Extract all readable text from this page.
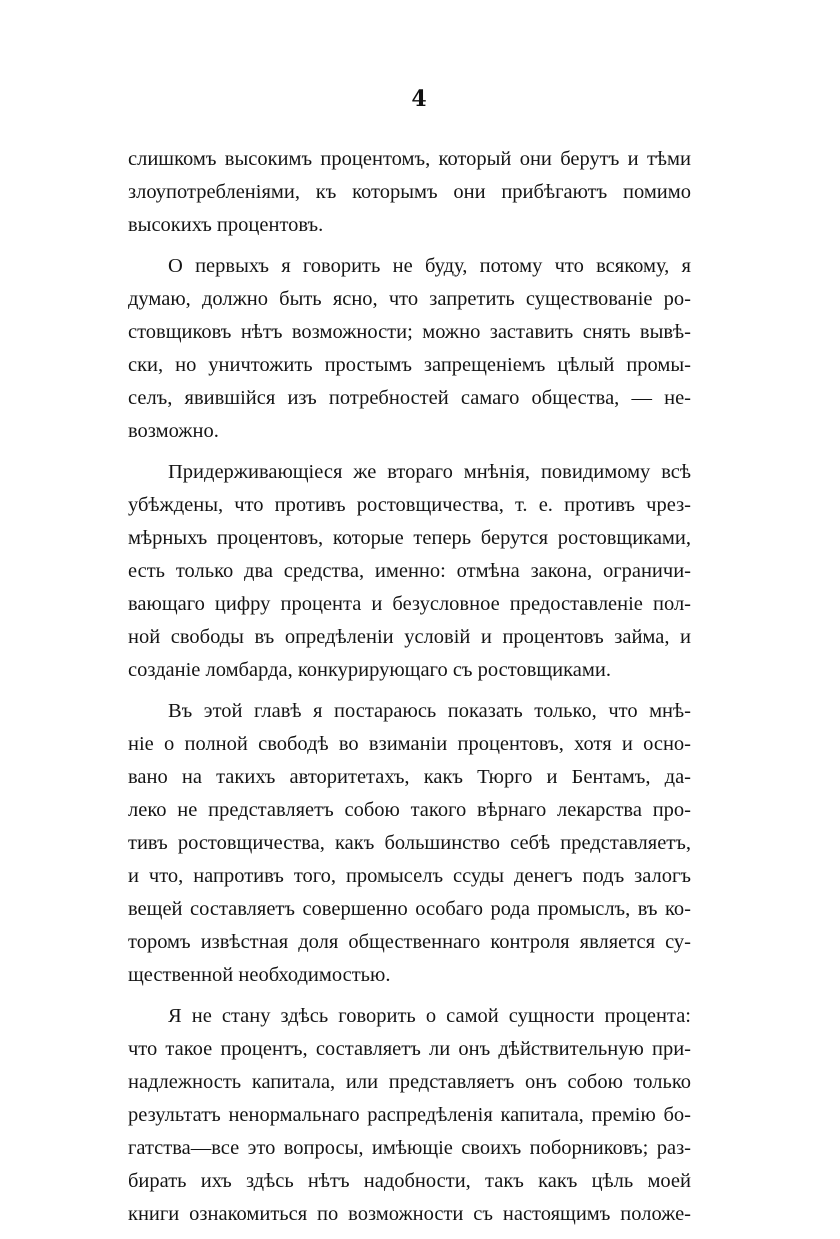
4
слишкомъ высокимъ процентомъ, который они берутъ и тѣми
злоупотребленіями, къ которымъ они прибѣгаютъ помимо
высокихъ процентовъ.
О первыхъ я говорить не буду, потому что всякому, я
думаю, должно быть ясно, что запретить существованіе ро-
стовщиковъ нѣтъ возможности; можно заставить снять вывѣ-
ски, но уничтожить простымъ запрещеніемъ цѣлый промы-
селъ, явившійся изъ потребностей самаго общества, — не-
возможно.
Придерживающіеся же втораго мнѣнія, повидимому всѣ
убѣждены, что противъ ростовщичества, т. е. противъ чрез-
мѣрныхъ процентовъ, которые теперь берутся ростовщиками,
есть только два средства, именно: отмѣна закона, ограничи-
вающаго цифру процента и безусловное предоставленіе пол-
ной свободы въ опредѣленіи условій и процентовъ займа, и
созданіе ломбарда, конкурирующаго съ ростовщиками.
Въ этой главѣ я постараюсь показать только, что мнѣ-
ніе о полной свободѣ во взиманіи процентовъ, хотя и осно-
вано на такихъ авторитетахъ, какъ Тюрго и Бентамъ, да-
леко не представляетъ собою такого вѣрнаго лекарства про-
тивъ ростовщичества, какъ большинство себѣ представляетъ,
и что, напротивъ того, промыселъ ссуды денегъ подъ залогъ
вещей составляетъ совершенно особаго рода промыслъ, въ ко-
торомъ извѣстная доля общественнаго контроля является су-
щественной необходимостью.
Я не стану здѣсь говорить о самой сущности процента:
что такое процентъ, составляетъ ли онъ дѣйствительную при-
надлежность капитала, или представляетъ онъ собою только
результатъ ненормальнаго распредѣленія капитала, премію бо-
гатства—все это вопросы, имѣющіе своихъ поборниковъ; раз-
бирать ихъ здѣсь нѣтъ надобности, такъ какъ цѣль моей
книги ознакомиться по возможности съ настоящимъ положе-
